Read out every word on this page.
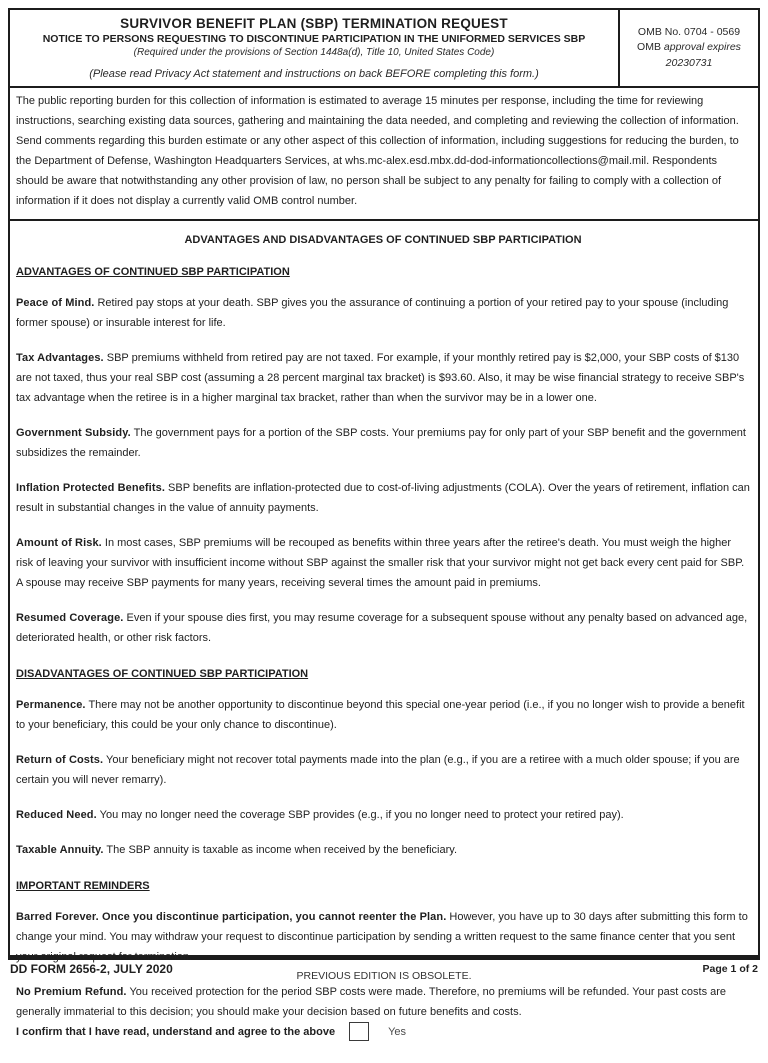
SURVIVOR BENEFIT PLAN (SBP) TERMINATION REQUEST
NOTICE TO PERSONS REQUESTING TO DISCONTINUE PARTICIPATION IN THE UNIFORMED SERVICES SBP
(Required under the provisions of Section 1448a(d), Title 10, United States Code)
(Please read Privacy Act statement and instructions on back BEFORE completing this form.)
OMB No. 0704 - 0569
OMB approval expires
20230731
The public reporting burden for this collection of information is estimated to average 15 minutes per response, including the time for reviewing instructions, searching existing data sources, gathering and maintaining the data needed, and completing and reviewing the collection of information. Send comments regarding this burden estimate or any other aspect of this collection of information, including suggestions for reducing the burden, to the Department of Defense, Washington Headquarters Services, at whs.mc-alex.esd.mbx.dd-dod-informationcollections@mail.mil. Respondents should be aware that notwithstanding any other provision of law, no person shall be subject to any penalty for failing to comply with a collection of information if it does not display a currently valid OMB control number.
ADVANTAGES AND DISADVANTAGES OF CONTINUED SBP PARTICIPATION
ADVANTAGES OF CONTINUED SBP PARTICIPATION

Peace of Mind. Retired pay stops at your death. SBP gives you the assurance of continuing a portion of your retired pay to your spouse (including former spouse) or insurable interest for life.

Tax Advantages. SBP premiums withheld from retired pay are not taxed. For example, if your monthly retired pay is $2,000, your SBP costs of $130 are not taxed, thus your real SBP cost (assuming a 28 percent marginal tax bracket) is $93.60. Also, it may be wise financial strategy to receive SBP's tax advantage when the retiree is in a higher marginal tax bracket, rather than when the survivor may be in a lower one.

Government Subsidy. The government pays for a portion of the SBP costs. Your premiums pay for only part of your SBP benefit and the government subsidizes the remainder.

Inflation Protected Benefits. SBP benefits are inflation-protected due to cost-of-living adjustments (COLA). Over the years of retirement, inflation can result in substantial changes in the value of annuity payments.

Amount of Risk. In most cases, SBP premiums will be recouped as benefits within three years after the retiree's death. You must weigh the higher risk of leaving your survivor with insufficient income without SBP against the smaller risk that your survivor might not get back every cent paid for SBP. A spouse may receive SBP payments for many years, receiving several times the amount paid in premiums.

Resumed Coverage. Even if your spouse dies first, you may resume coverage for a subsequent spouse without any penalty based on advanced age, deteriorated health, or other risk factors.

DISADVANTAGES OF CONTINUED SBP PARTICIPATION

Permanence. There may not be another opportunity to discontinue beyond this special one-year period (i.e., if you no longer wish to provide a benefit to your beneficiary, this could be your only chance to discontinue).

Return of Costs. Your beneficiary might not recover total payments made into the plan (e.g., if you are a retiree with a much older spouse; if you are certain you will never remarry).

Reduced Need. You may no longer need the coverage SBP provides (e.g., if you no longer need to protect your retired pay).

Taxable Annuity. The SBP annuity is taxable as income when received by the beneficiary.

IMPORTANT REMINDERS

Barred Forever. Once you discontinue participation, you cannot reenter the Plan. However, you have up to 30 days after submitting this form to change your mind. You may withdraw your request to discontinue participation by sending a written request to the same finance center that you sent your original request for termination.

No Premium Refund. You received protection for the period SBP costs were made. Therefore, no premiums will be refunded. Your past costs are generally immaterial to this decision; you should make your decision based on future benefits and costs.

I confirm that I have read, understand and agree to the above	Yes
DD FORM 2656-2, JULY 2020	PREVIOUS EDITION IS OBSOLETE.
Page 1 of 2
